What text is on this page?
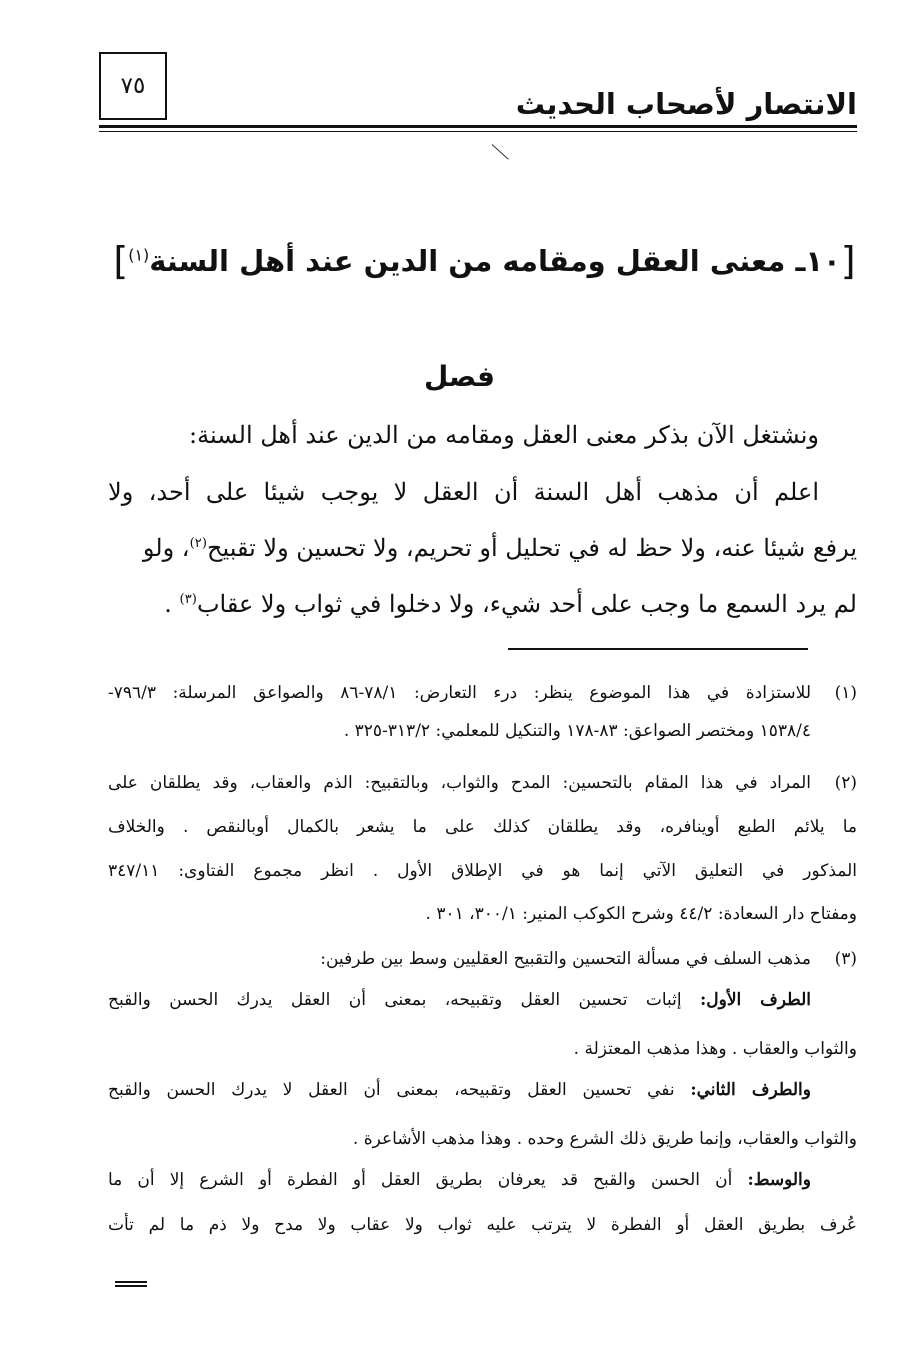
٧٥
الانتصار لأصحاب الحديث
[١٠ـ معنى العقل ومقامه من الدين عند أهل السنة$^{(١)}$]
فصل
ونشتغل الآن بذكر معنى العقل ومقامه من الدين عند أهل السنة:
اعلم أن مذهب أهل السنة أن العقل لا يوجب شيئا على أحد، ولا
يرفع شيئا عنه، ولا حظ له في تحليل أو تحريم، ولا تحسين ولا تقبيح$^{(٢)}$، ولو
لم يرد السمع ما وجب على أحد شيء، ولا دخلوا في ثواب ولا عقاب$^{(٣)}$ .
(١)
للاستزادة في هذا الموضوع ينظر: درء التعارض: ٧٨/١-٨٦ والصواعق المرسلة: ٧٩٦/٣-
١٥٣٨/٤ ومختصر الصواعق: ٨٣-١٧٨ والتنكيل للمعلمي: ٣١٣/٢-٣٢٥ .
(٢)
المراد في هذا المقام بالتحسين: المدح والثواب، وبالتقبيح: الذم والعقاب، وقد يطلقان على
ما يلائم الطبع أوينافره، وقد يطلقان كذلك على ما يشعر بالكمال أوبالنقص . والخلاف
المذكور في التعليق الآتي إنما هو في الإطلاق الأول . انظر مجموع الفتاوى: ٣٤٧/١١
ومفتاح دار السعادة: ٤٤/٢ وشرح الكوكب المنير: ٣٠٠/١، ٣٠١ .
(٣)
مذهب السلف في مسألة التحسين والتقبيح العقليين وسط بين طرفين:
الطرف الأول: إثبات تحسين العقل وتقبيحه، بمعنى أن العقل يدرك الحسن والقبح
والثواب والعقاب . وهذا مذهب المعتزلة .
والطرف الثاني: نفي تحسين العقل وتقبيحه، بمعنى أن العقل لا يدرك الحسن والقبح
والثواب والعقاب، وإنما طريق ذلك الشرع وحده . وهذا مذهب الأشاعرة .
والوسط: أن الحسن والقبح قد يعرفان بطريق العقل أو الفطرة أو الشرع إلا أن ما
عُرف بطريق العقل أو الفطرة لا يترتب عليه ثواب ولا عقاب ولا مدح ولا ذم ما لم تأت
